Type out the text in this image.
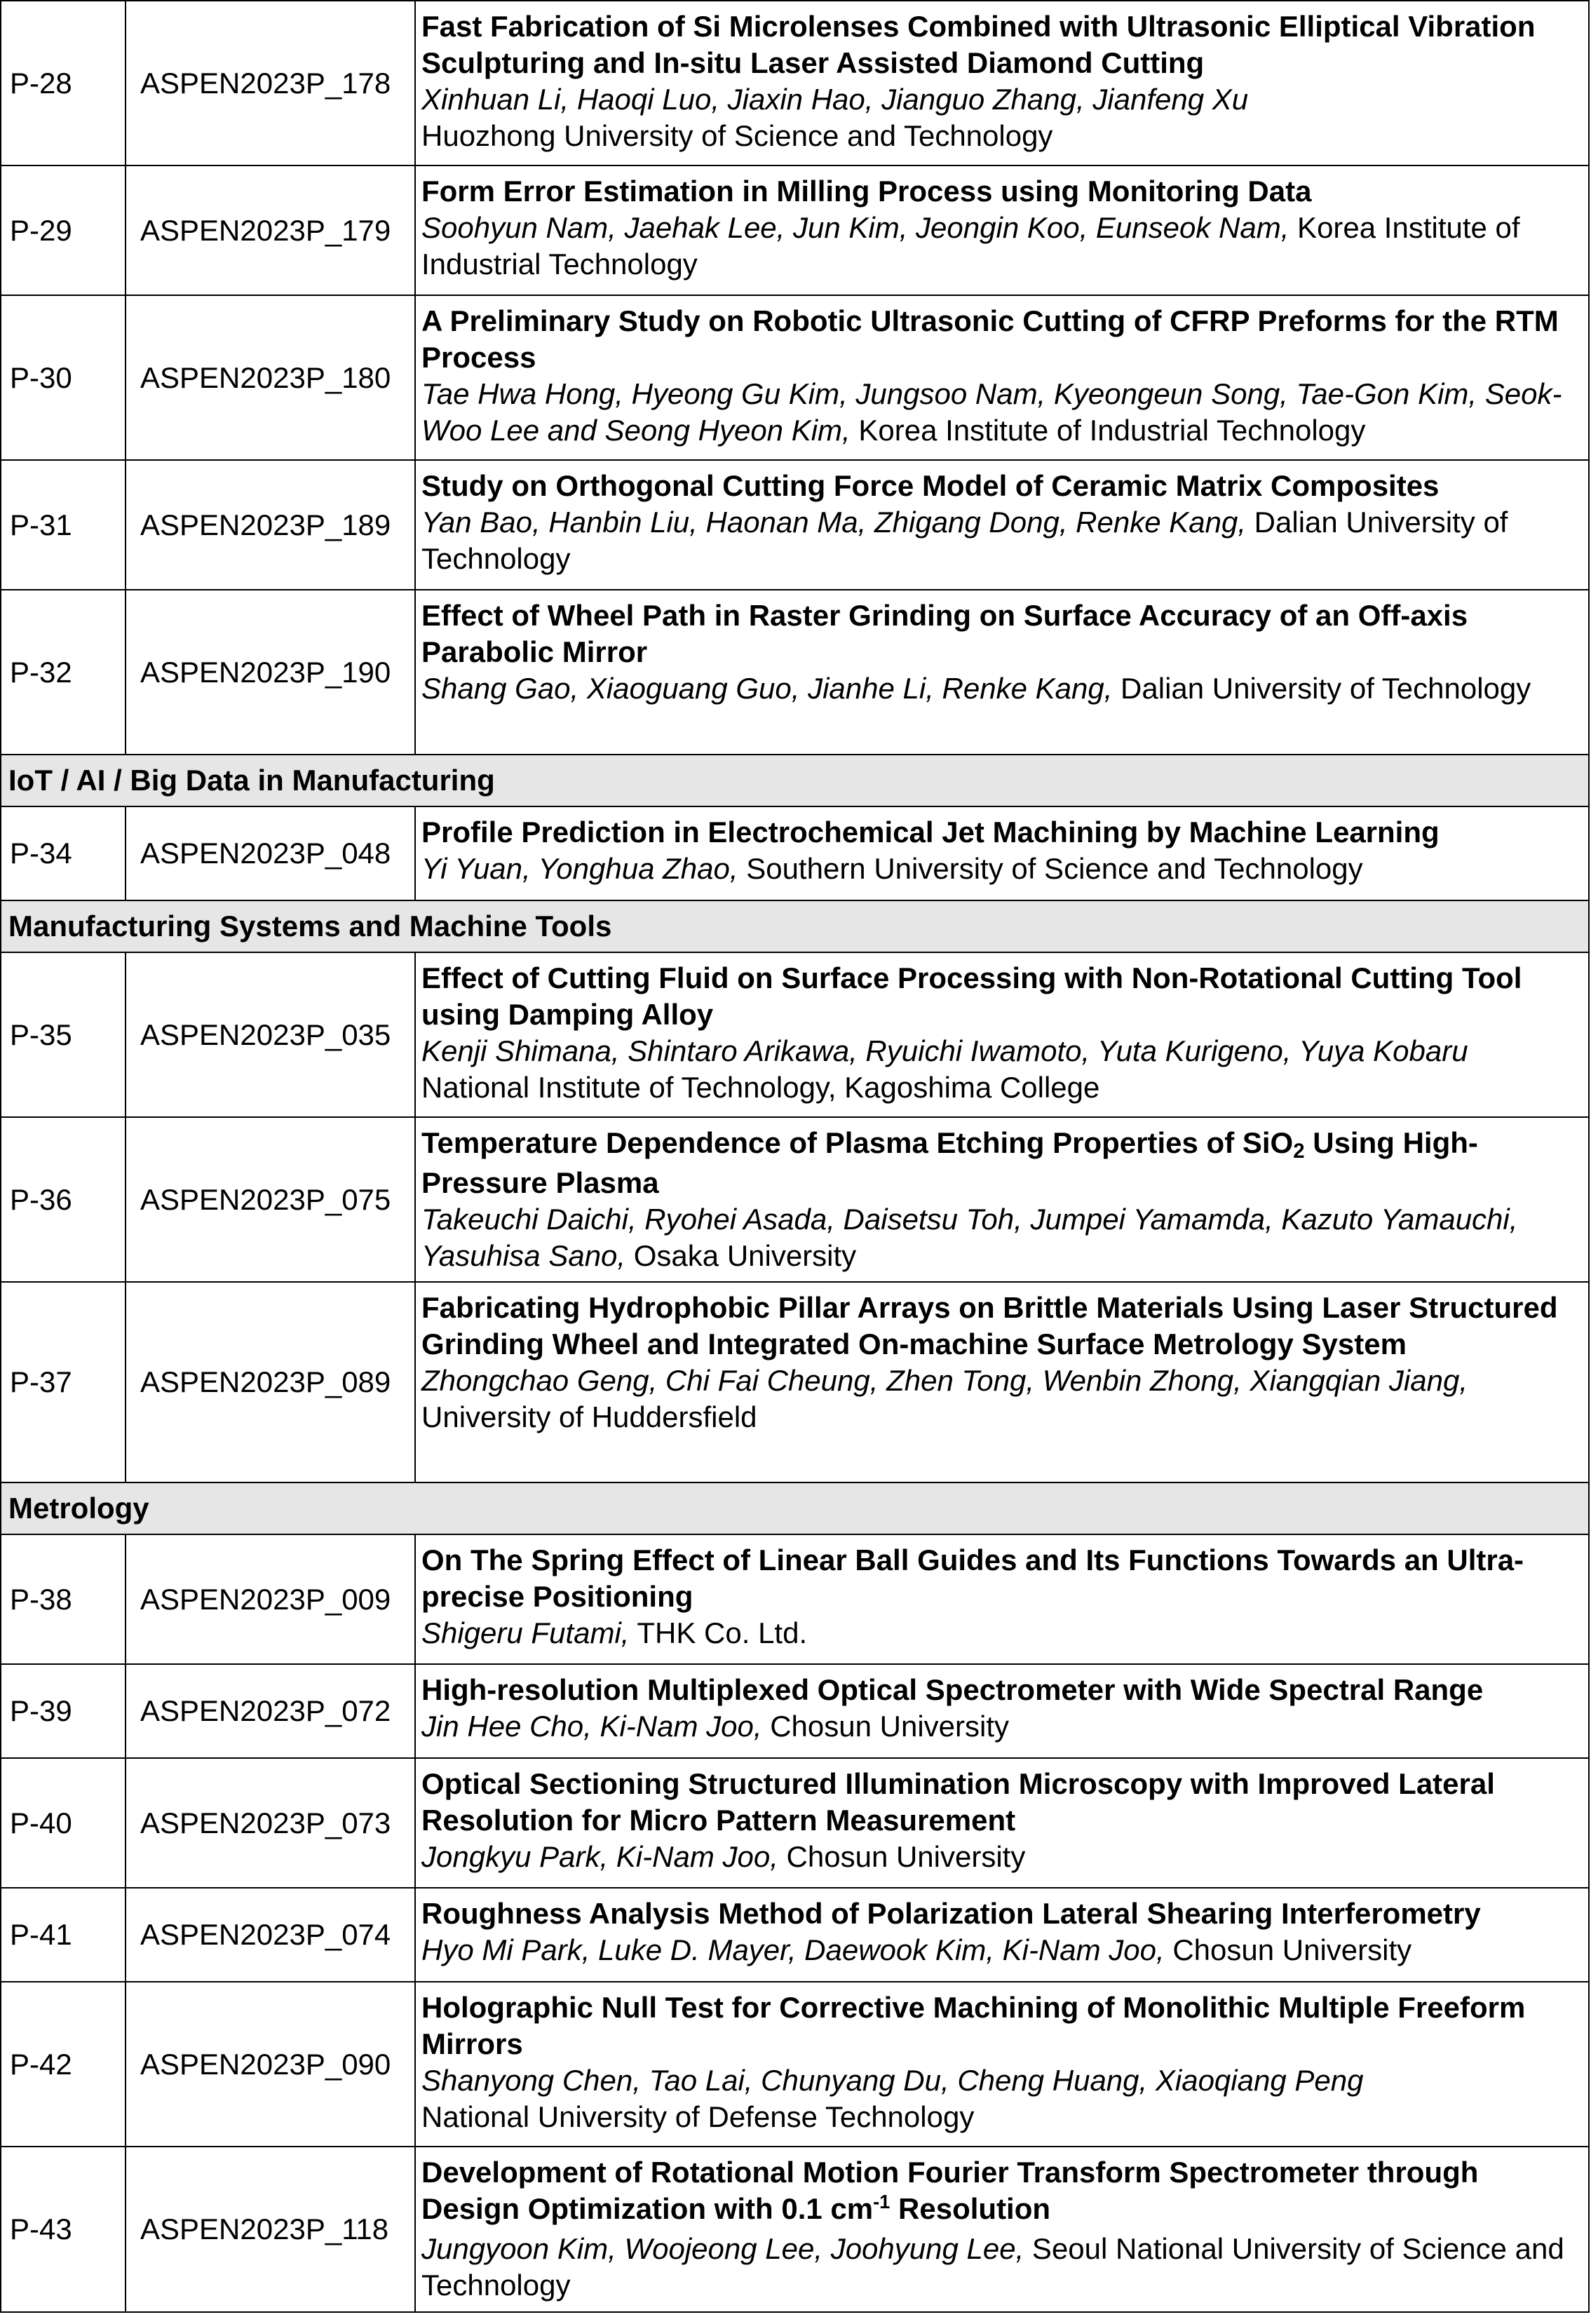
P-28	ASPEN2023P_178	Fast Fabrication of Si Microlenses Combined with Ultrasonic Elliptical Vibration Sculpturing and In-situ Laser Assisted Diamond Cutting
Xinhuan Li, Haoqi Luo, Jiaxin Hao, Jianguo Zhang, Jianfeng Xu
Huozhong University of Science and Technology

P-29	ASPEN2023P_179	Form Error Estimation in Milling Process using Monitoring Data
Soohyun Nam, Jaehak Lee, Jun Kim, Jeongin Koo, Eunseok Nam, Korea Institute of Industrial Technology

P-30	ASPEN2023P_180	A Preliminary Study on Robotic Ultrasonic Cutting of CFRP Preforms for the RTM Process
Tae Hwa Hong, Hyeong Gu Kim, Jungsoo Nam, Kyeongeun Song, Tae-Gon Kim, Seok-Woo Lee and Seong Hyeon Kim, Korea Institute of Industrial Technology

P-31	ASPEN2023P_189	Study on Orthogonal Cutting Force Model of Ceramic Matrix Composites
Yan Bao, Hanbin Liu, Haonan Ma, Zhigang Dong, Renke Kang, Dalian University of Technology

P-32	ASPEN2023P_190	Effect of Wheel Path in Raster Grinding on Surface Accuracy of an Off-axis Parabolic Mirror
Shang Gao, Xiaoguang Guo, Jianhe Li, Renke Kang, Dalian University of Technology

IoT / AI / Big Data in Manufacturing		
P-34	ASPEN2023P_048	Profile Prediction in Electrochemical Jet Machining by Machine Learning
Yi Yuan, Yonghua Zhao, Southern University of Science and Technology

Manufacturing Systems and Machine Tools		
P-35	ASPEN2023P_035	Effect of Cutting Fluid on Surface Processing with Non-Rotational Cutting Tool using Damping Alloy
Kenji Shimana, Shintaro Arikawa, Ryuichi Iwamoto, Yuta Kurigeno, Yuya Kobaru
National Institute of Technology, Kagoshima College

P-36	ASPEN2023P_075	Temperature Dependence of Plasma Etching Properties of SiO2 Using High-Pressure Plasma
Takeuchi Daichi, Ryohei Asada, Daisetsu Toh, Jumpei Yamamda, Kazuto Yamauchi, Yasuhisa Sano, Osaka University

P-37	ASPEN2023P_089	Fabricating Hydrophobic Pillar Arrays on Brittle Materials Using Laser Structured Grinding Wheel and Integrated On-machine Surface Metrology System
Zhongchao Geng, Chi Fai Cheung, Zhen Tong, Wenbin Zhong, Xiangqian Jiang,
University of Huddersfield

Metrology		
P-38	ASPEN2023P_009	On The Spring Effect of Linear Ball Guides and Its Functions Towards an Ultra-precise Positioning
Shigeru Futami, THK Co. Ltd.

P-39	ASPEN2023P_072	High-resolution Multiplexed Optical Spectrometer with Wide Spectral Range
Jin Hee Cho, Ki-Nam Joo, Chosun University

P-40	ASPEN2023P_073	Optical Sectioning Structured Illumination Microscopy with Improved Lateral Resolution for Micro Pattern Measurement
Jongkyu Park, Ki-Nam Joo, Chosun University

P-41	ASPEN2023P_074	Roughness Analysis Method of Polarization Lateral Shearing Interferometry
Hyo Mi Park, Luke D. Mayer, Daewook Kim, Ki-Nam Joo, Chosun University

P-42	ASPEN2023P_090	Holographic Null Test for Corrective Machining of Monolithic Multiple Freeform Mirrors
Shanyong Chen, Tao Lai, Chunyang Du, Cheng Huang, Xiaoqiang Peng
National University of Defense Technology

P-43	ASPEN2023P_118	Development of Rotational Motion Fourier Transform Spectrometer through Design Optimization with 0.1 $cm^{-1}$ Resolution
Jungyoon Kim, Woojeong Lee, Joohyung Lee, Seoul National University of Science and Technology
